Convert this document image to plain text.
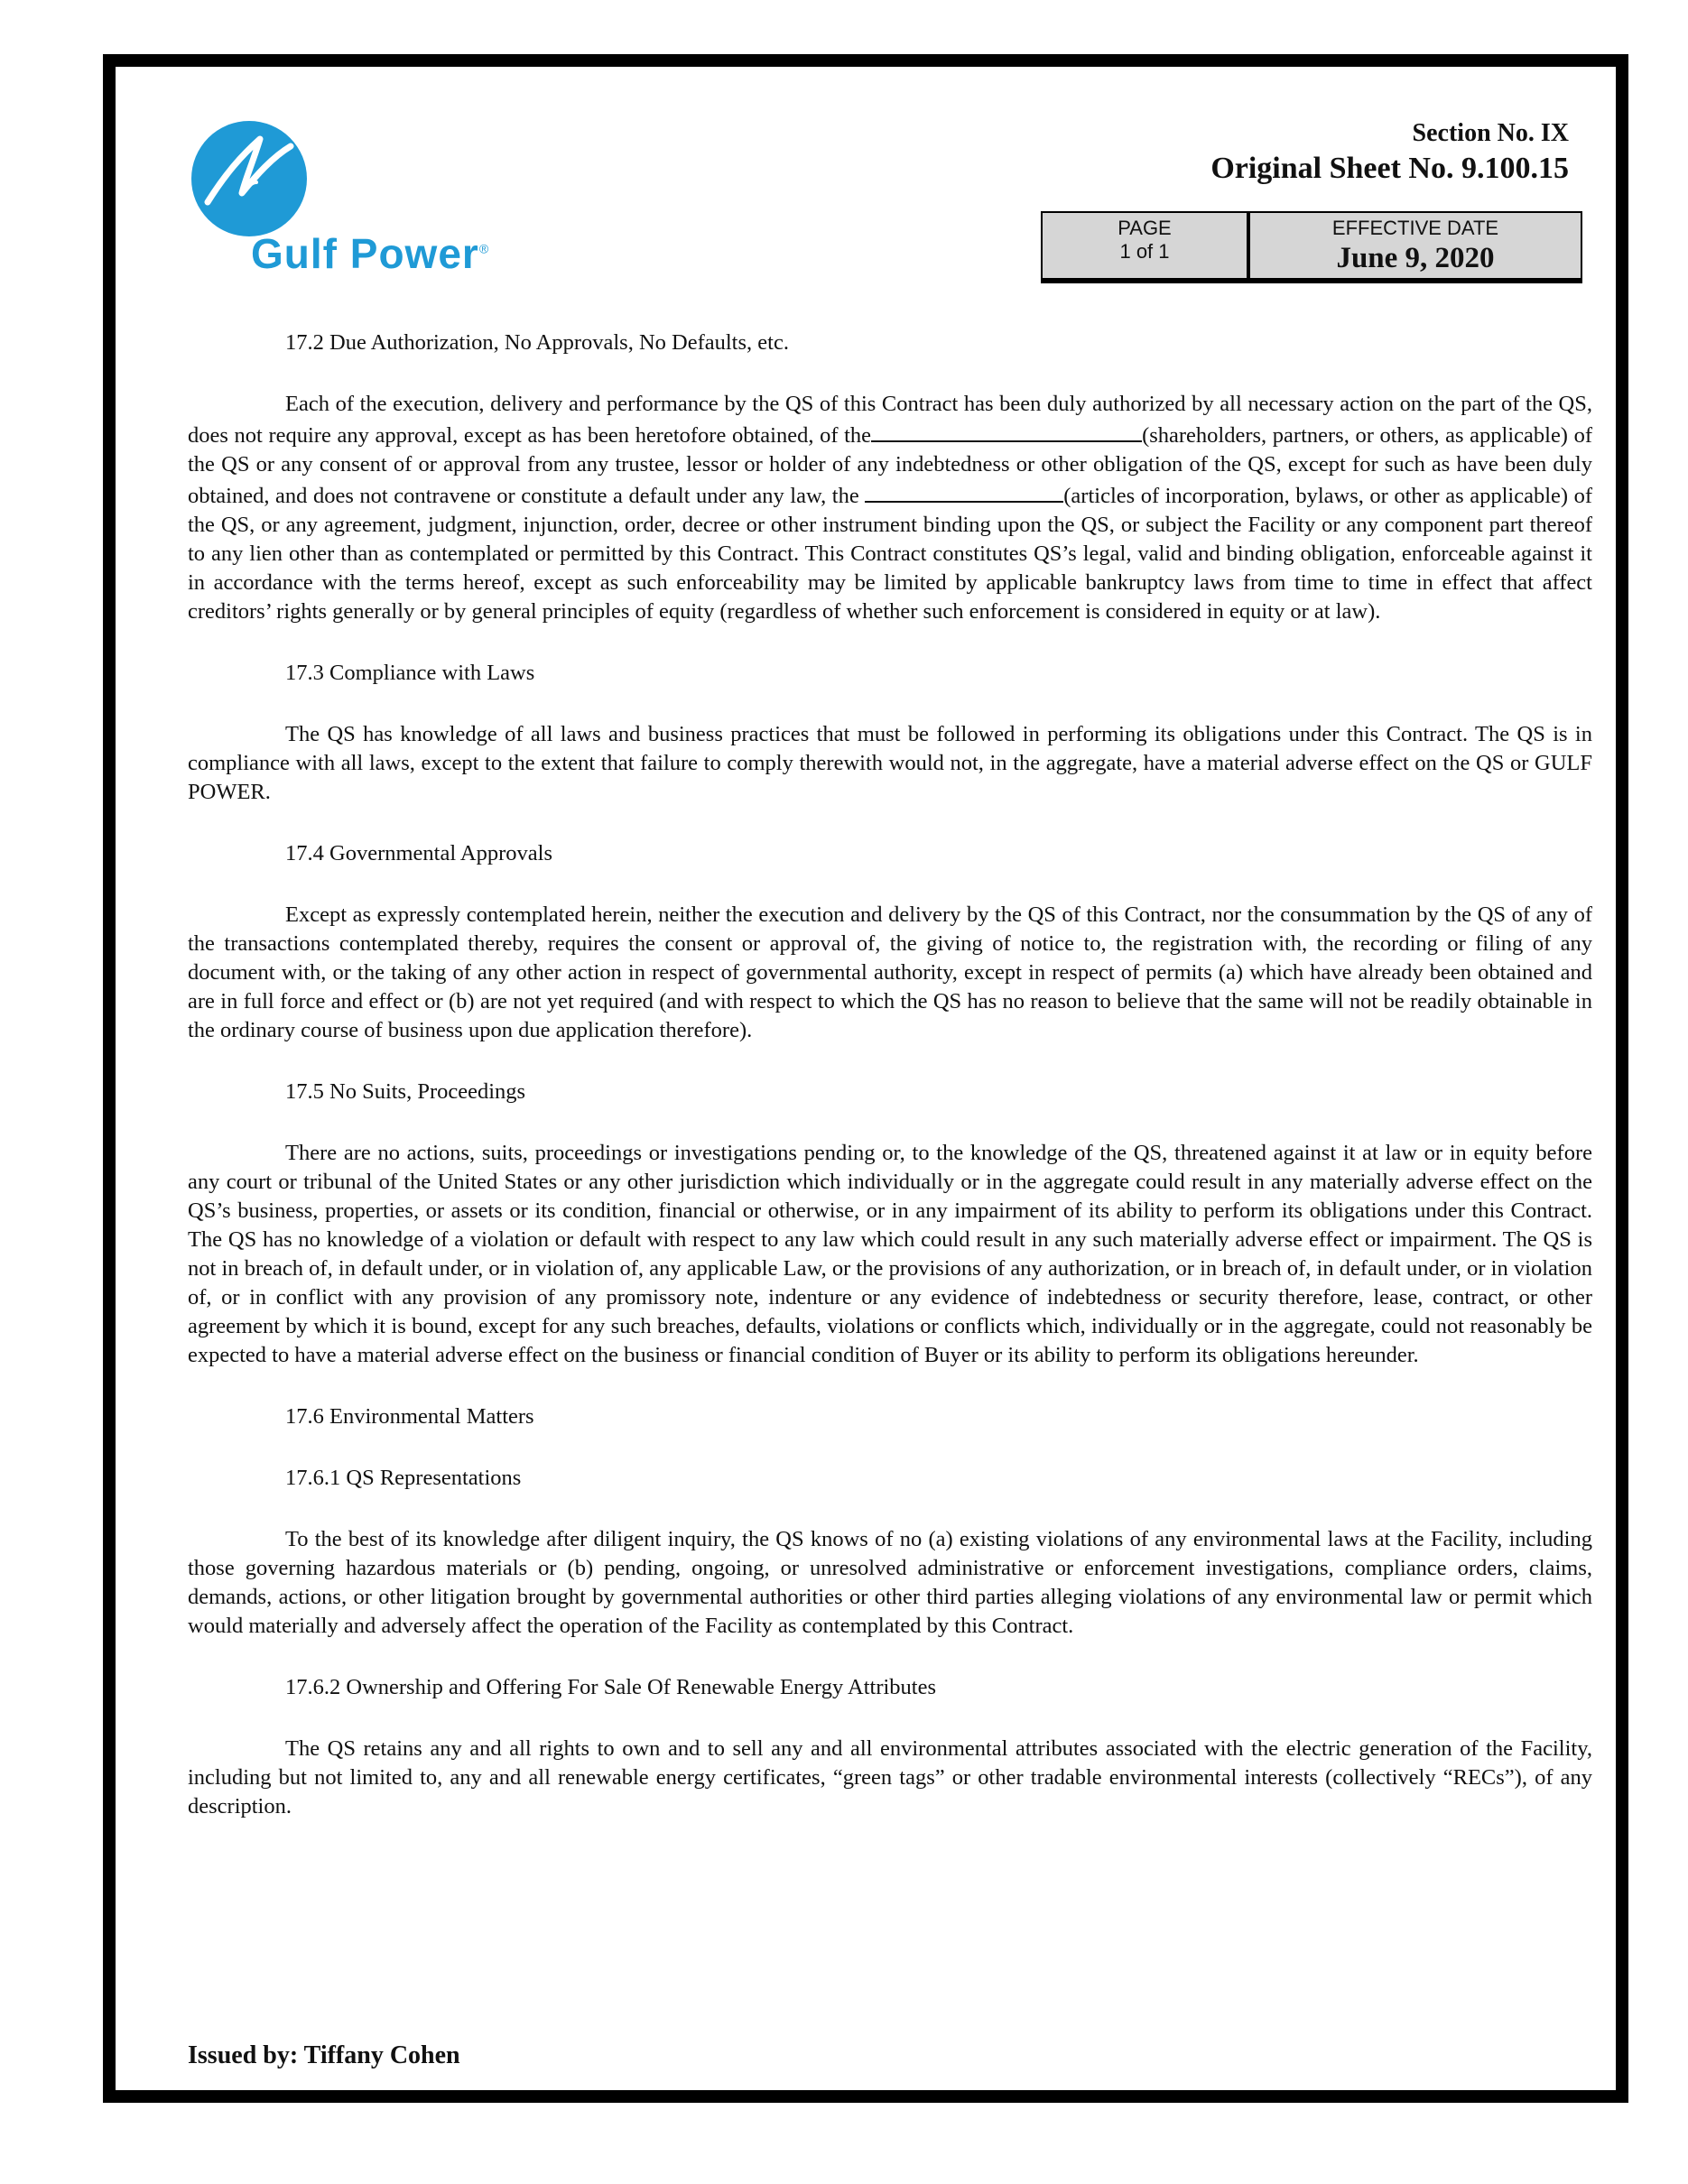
Gulf Power®
Section No. IX
Original Sheet No. 9.100.15
PAGE
1 of 1
EFFECTIVE DATE
June 9, 2020
17.2 Due Authorization, No Approvals, No Defaults, etc.

Each of the execution, delivery and performance by the QS of this Contract has been duly authorized by all necessary action on the part of the QS, does not require any approval, except as has been heretofore obtained, of the	(shareholders, partners, or others, as applicable) of the QS or any consent of or approval from any trustee, lessor or holder of any indebtedness or other obligation of the QS, except for such as have been duly obtained, and does not contravene or constitute a default under any law, the	(articles of incorporation, bylaws, or other as applicable) of the QS, or any agreement, judgment, injunction, order, decree or other instrument binding upon the QS, or subject the Facility or any component part thereof to any lien other than as contemplated or permitted by this Contract. This Contract constitutes QS’s legal, valid and binding obligation, enforceable against it in accordance with the terms hereof, except as such enforceability may be limited by applicable bankruptcy laws from time to time in effect that affect creditors’ rights generally or by general principles of equity (regardless of whether such enforcement is considered in equity or at law).

17.3 Compliance with Laws

The QS has knowledge of all laws and business practices that must be followed in performing its obligations under this Contract. The QS is in compliance with all laws, except to the extent that failure to comply therewith would not, in the aggregate, have a material adverse effect on the QS or GULF POWER.

17.4 Governmental Approvals

Except as expressly contemplated herein, neither the execution and delivery by the QS of this Contract, nor the consummation by the QS of any of the transactions contemplated thereby, requires the consent or approval of, the giving of notice to, the registration with, the recording or filing of any document with, or the taking of any other action in respect of governmental authority, except in respect of permits (a) which have already been obtained and are in full force and effect or (b) are not yet required (and with respect to which the QS has no reason to believe that the same will not be readily obtainable in the ordinary course of business upon due application therefore).

17.5 No Suits, Proceedings

There are no actions, suits, proceedings or investigations pending or, to the knowledge of the QS, threatened against it at law or in equity before any court or tribunal of the United States or any other jurisdiction which individually or in the aggregate could result in any materially adverse effect on the QS’s business, properties, or assets or its condition, financial or otherwise, or in any impairment of its ability to perform its obligations under this Contract. The QS has no knowledge of a violation or default with respect to any law which could result in any such materially adverse effect or impairment. The QS is not in breach of, in default under, or in violation of, any applicable Law, or the provisions of any authorization, or in breach of, in default under, or in violation of, or in conflict with any provision of any promissory note, indenture or any evidence of indebtedness or security therefore, lease, contract, or other agreement by which it is bound, except for any such breaches, defaults, violations or conflicts which, individually or in the aggregate, could not reasonably be expected to have a material adverse effect on the business or financial condition of Buyer or its ability to perform its obligations hereunder.

17.6 Environmental Matters
17.6.1 QS Representations

To the best of its knowledge after diligent inquiry, the QS knows of no (a) existing violations of any environmental laws at the Facility, including those governing hazardous materials or (b) pending, ongoing, or unresolved administrative or enforcement investigations, compliance orders, claims, demands, actions, or other litigation brought by governmental authorities or other third parties alleging violations of any environmental law or permit which would materially and adversely affect the operation of the Facility as contemplated by this Contract.

17.6.2 Ownership and Offering For Sale Of Renewable Energy Attributes

The QS retains any and all rights to own and to sell any and all environmental attributes associated with the electric generation of the Facility, including but not limited to, any and all renewable energy certificates, “green tags” or other tradable environmental interests (collectively “RECs”), of any description.

Issued by: Tiffany Cohen
